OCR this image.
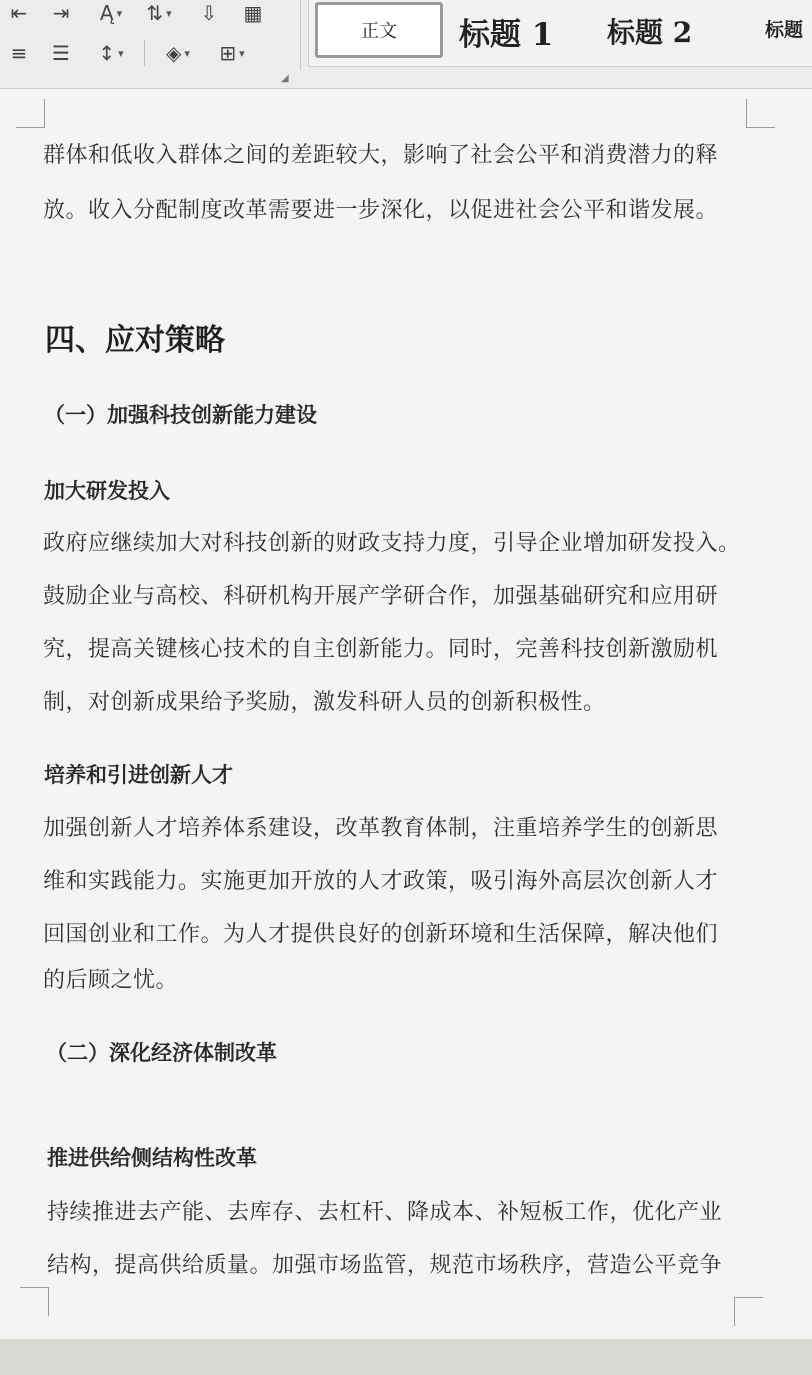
⇤	⇥	Ą ▾ ⇅ ▾	⇩	▦
≡	☰	↕ ▾ ◈ ▾ ⊞ ▾
◢
正文	标题 1 标题 2	标题
群体和低收入群体之间的差距较大，影响了社会公平和消费潜力的释
放。收入分配制度改革需要进一步深化，以促进社会公平和谐发展。
四、应对策略
（一）加强科技创新能力建设
加大研发投入
政府应继续加大对科技创新的财政支持力度，引导企业增加研发投入。
鼓励企业与高校、科研机构开展产学研合作，加强基础研究和应用研
究，提高关键核心技术的自主创新能力。同时，完善科技创新激励机
制，对创新成果给予奖励，激发科研人员的创新积极性。
培养和引进创新人才
加强创新人才培养体系建设，改革教育体制，注重培养学生的创新思
维和实践能力。实施更加开放的人才政策，吸引海外高层次创新人才
回国创业和工作。为人才提供良好的创新环境和生活保障，解决他们
的后顾之忧。
（二）深化经济体制改革
推进供给侧结构性改革
持续推进去产能、去库存、去杠杆、降成本、补短板工作，优化产业
结构，提高供给质量。加强市场监管，规范市场秩序，营造公平竞争
